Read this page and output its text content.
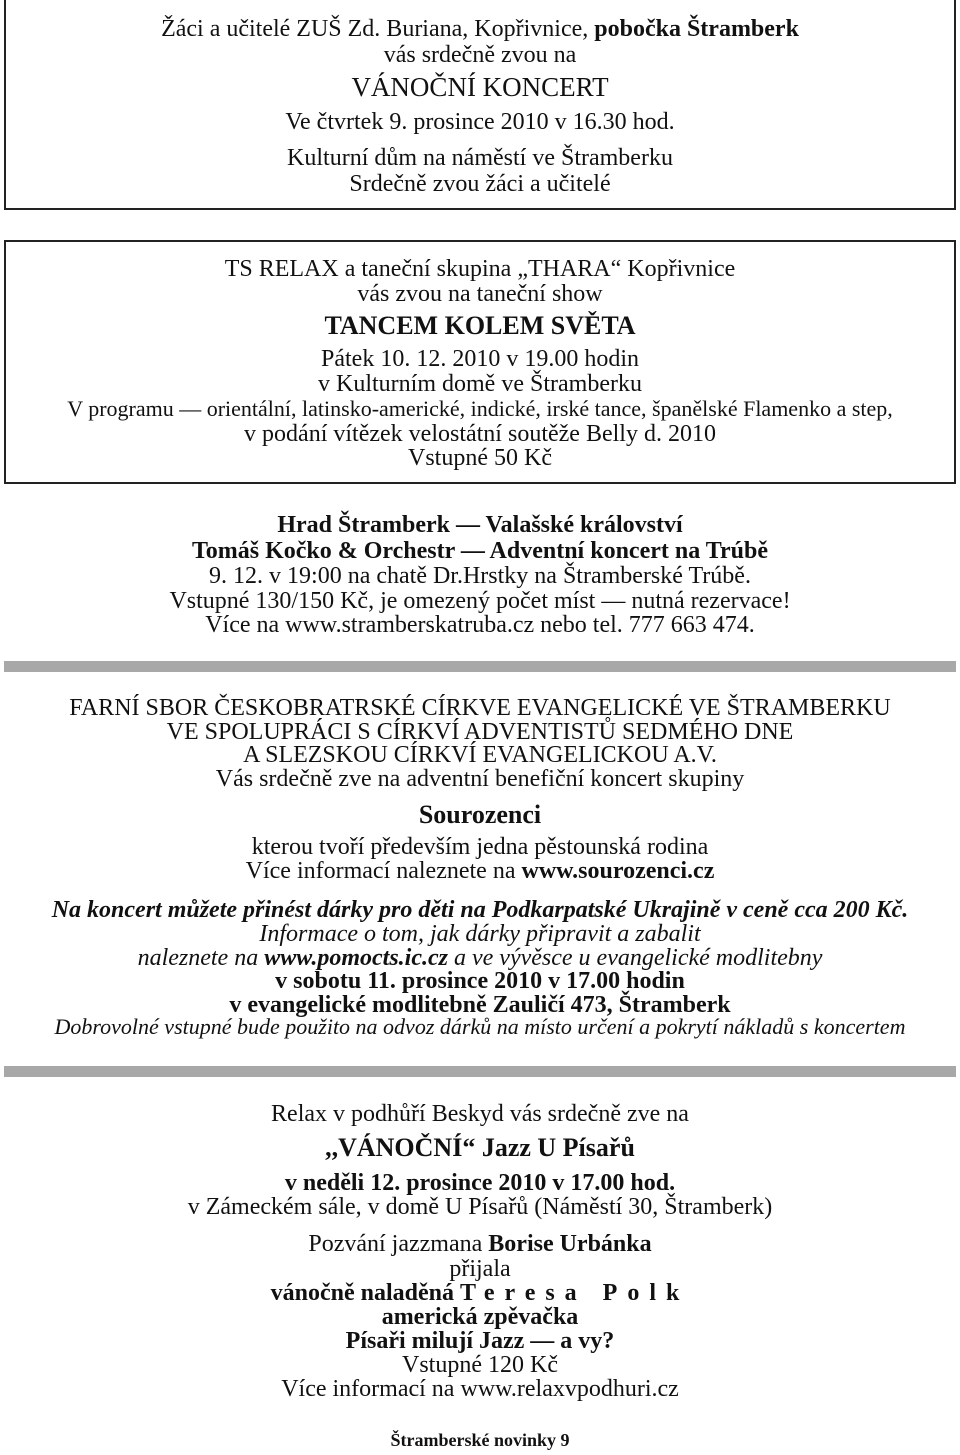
Žáci a učitelé ZUŠ Zd. Buriana, Kopřivnice, pobočka Štramberk
vás srdečně zvou na
VÁNOČNÍ KONCERT
Ve čtvrtek 9. prosince 2010 v 16.30 hod.
Kulturní dům na náměstí ve Štramberku
Srdečně zvou žáci a učitelé
TS RELAX a taneční skupina „THARA“ Kopřivnice
vás zvou na taneční show
TANCEM KOLEM SVĚTA
Pátek 10. 12. 2010 v 19.00 hodin
v Kulturním domě ve Štramberku
V programu — orientální, latinsko-americké, indické, irské tance, španělské Flamenko a step,
v podání vítězek velostátní soutěže Belly d. 2010
Vstupné 50 Kč
Hrad Štramberk — Valašské království
Tomáš Kočko & Orchestr — Adventní koncert na Trúbě
9. 12. v 19:00 na chatě Dr.Hrstky na Štramberské Trúbě.
Vstupné 130/150 Kč, je omezený počet míst — nutná rezervace!
Více na www.stramberskatruba.cz nebo tel. 777 663 474.
FARNÍ SBOR ČESKOBRATRSKÉ CÍRKVE EVANGELICKÉ VE ŠTRAMBERKU
VE SPOLUPRÁCI S CÍRKVÍ ADVENTISTŮ SEDMÉHO DNE
A SLEZSKOU CÍRKVÍ EVANGELICKOU A.V.
Vás srdečně zve na adventní benefiční koncert skupiny
Sourozenci
kterou tvoří především jedna pěstounská rodina
Více informací naleznete na www.sourozenci.cz
Na koncert můžete přinést dárky pro děti na Podkarpatské Ukrajině v ceně cca 200 Kč.
Informace o tom, jak dárky připravit a zabalit
naleznete na www.pomocts.ic.cz a ve vývěsce u evangelické modlitebny
v sobotu 11. prosince 2010 v 17.00 hodin
v evangelické modlitebně Zauličí 473, Štramberk
Dobrovolné vstupné bude použito na odvoz dárků na místo určení a pokrytí nákladů s koncertem
Relax v podhůří Beskyd vás srdečně zve na
,,VÁNOČNÍ“ Jazz U Písařů
v neděli 12. prosince 2010 v 17.00 hod.
v Zámeckém sále, v domě U Písařů (Náměstí 30, Štramberk)
Pozvání jazzmana Borise Urbánka
přijala
vánočně naladěná Teresa Polk
americká zpěvačka
Písaři milují Jazz — a vy?
Vstupné 120 Kč
Více informací na www.relaxvpodhuri.cz
Štramberské novinky 9
